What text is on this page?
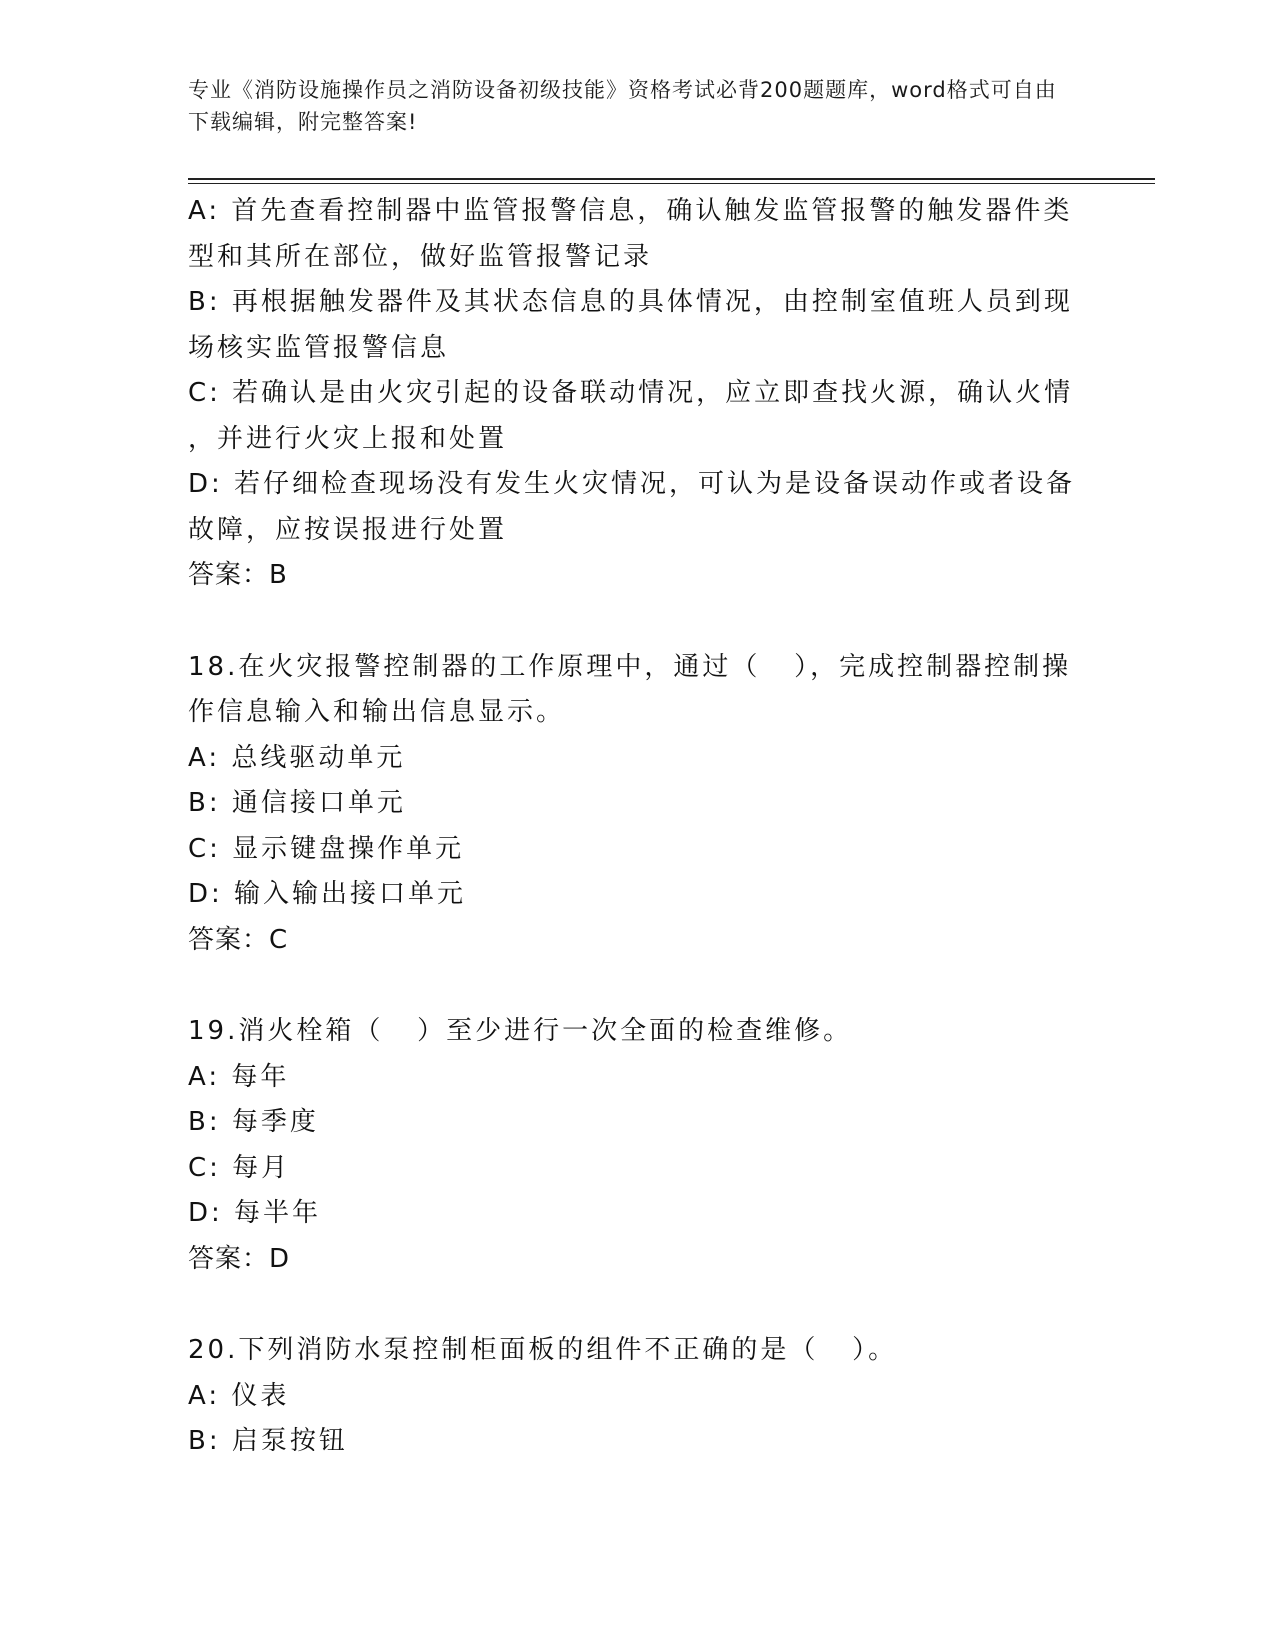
专业《消防设施操作员之消防设备初级技能》资格考试必背200题题库，word格式可自由下载编辑，附完整答案!

A: 首先查看控制器中监管报警信息，确认触发监管报警的触发器件类

型和其所在部位，做好监管报警记录

B: 再根据触发器件及其状态信息的具体情况，由控制室值班人员到现

场核实监管报警信息

C: 若确认是由火灾引起的设备联动情况，应立即查找火源，确认火情

，并进行火灾上报和处置

D: 若仔细检查现场没有发生火灾情况，可认为是设备误动作或者设备

故障，应按误报进行处置

答案：B

18.在火灾报警控制器的工作原理中，通过（   ），完成控制器控制操

作信息输入和输出信息显示。

A: 总线驱动单元

B: 通信接口单元

C: 显示键盘操作单元

D: 输入输出接口单元

答案：C

19.消火栓箱（   ）至少进行一次全面的检查维修。

A: 每年

B: 每季度

C: 每月

D: 每半年

答案：D

20.下列消防水泵控制柜面板的组件不正确的是（   ）。

A: 仪表

B: 启泵按钮
